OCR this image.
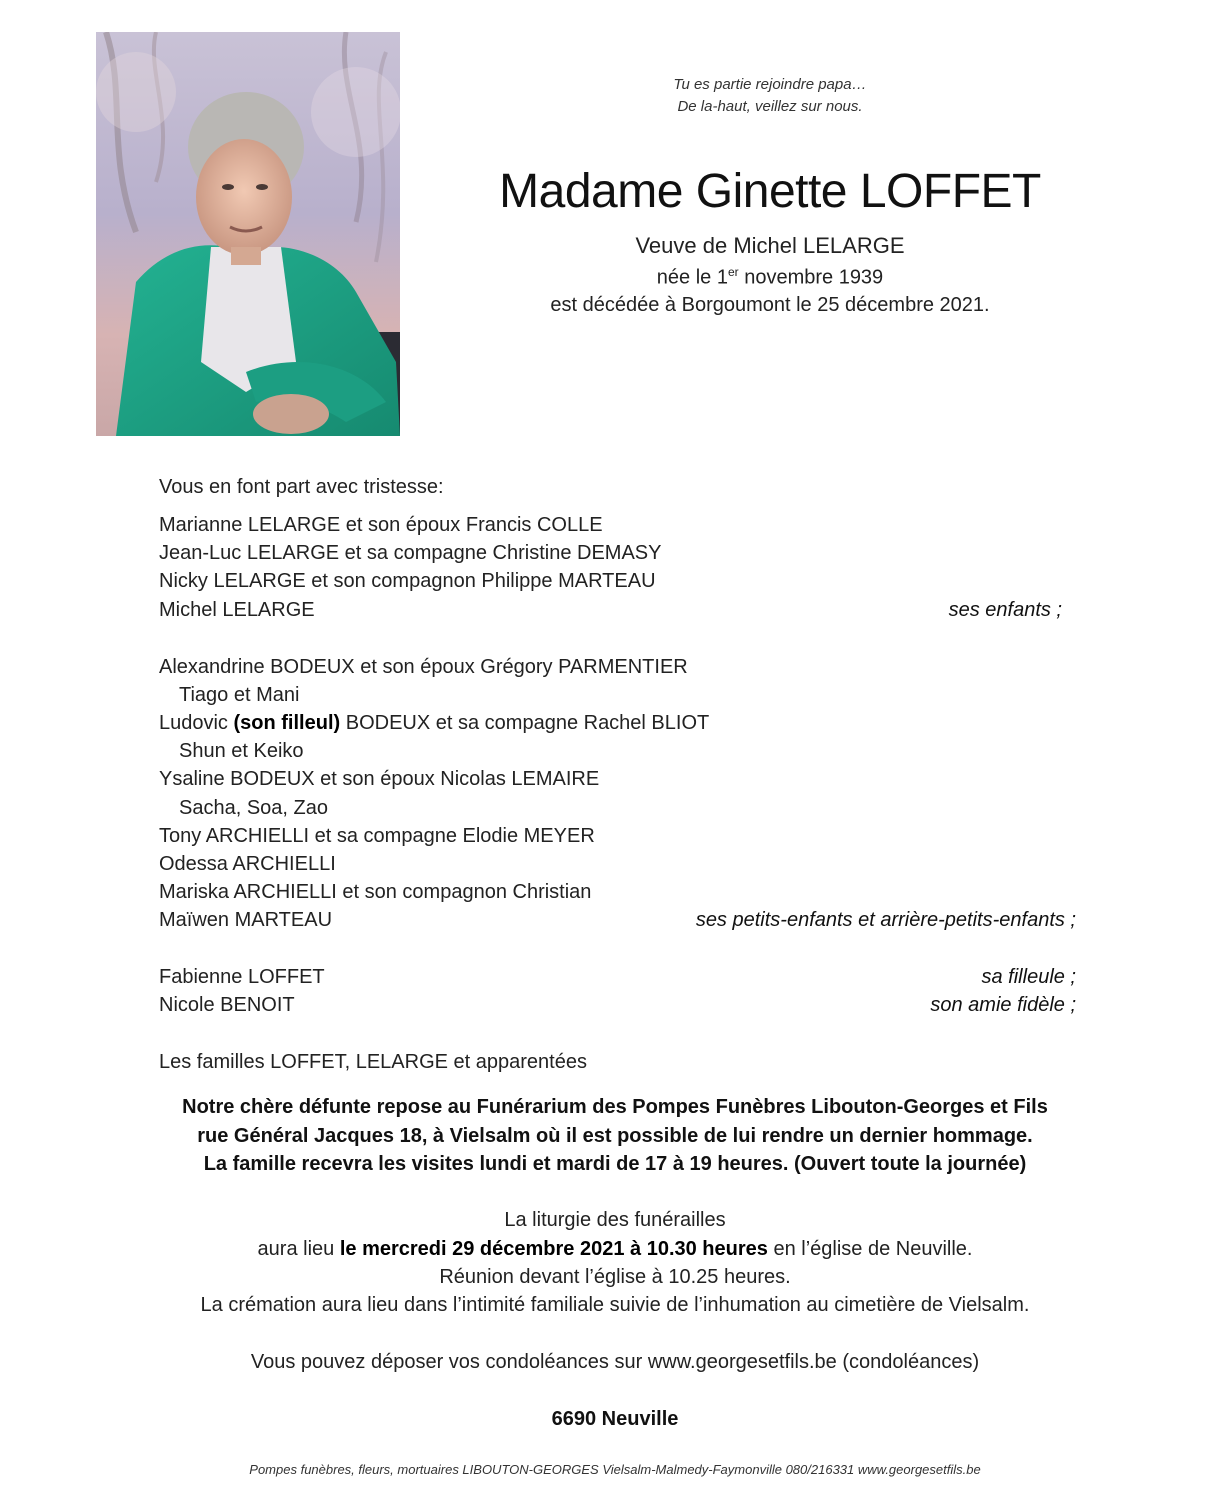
Tu es partie rejoindre papa…
De la-haut, veillez sur nous.
Madame Ginette LOFFET
Veuve de Michel LELARGE
née le 1er novembre 1939
est décédée à Borgoumont le 25 décembre 2021.
Vous en font part avec tristesse:
Marianne LELARGE et son époux Francis COLLE
Jean-Luc LELARGE et sa compagne Christine DEMASY
Nicky LELARGE et son compagnon Philippe MARTEAU
Michel LELARGE	ses enfants ;
Alexandrine BODEUX et son époux Grégory PARMENTIER
Tiago et Mani
Ludovic (son filleul) BODEUX et sa compagne Rachel BLIOT
Shun et Keiko
Ysaline BODEUX et son époux Nicolas LEMAIRE
Sacha, Soa, Zao
Tony ARCHIELLI et sa compagne Elodie MEYER
Odessa ARCHIELLI
Mariska ARCHIELLI et son compagnon Christian
Maïwen MARTEAU	ses petits-enfants et arrière-petits-enfants ;
Fabienne LOFFET	sa filleule ;
Nicole BENOIT	son amie fidèle ;
Les familles LOFFET, LELARGE et apparentées
Notre chère défunte repose au Funérarium des Pompes Funèbres Libouton-Georges et Fils
rue Général Jacques 18, à Vielsalm où il est possible de lui rendre un dernier hommage.
La famille recevra les visites lundi et mardi de 17 à 19 heures. (Ouvert toute la journée)
La liturgie des funérailles
aura lieu le mercredi 29 décembre 2021 à 10.30 heures en l’église de Neuville.
Réunion devant l’église à 10.25 heures.
La crémation aura lieu dans l’intimité familiale suivie de l’inhumation au cimetière de Vielsalm.
Vous pouvez déposer vos condoléances sur www.georgesetfils.be (condoléances)
6690 Neuville
Pompes funèbres, fleurs, mortuaires LIBOUTON-GEORGES Vielsalm-Malmedy-Faymonville 080/216331 www.georgesetfils.be
